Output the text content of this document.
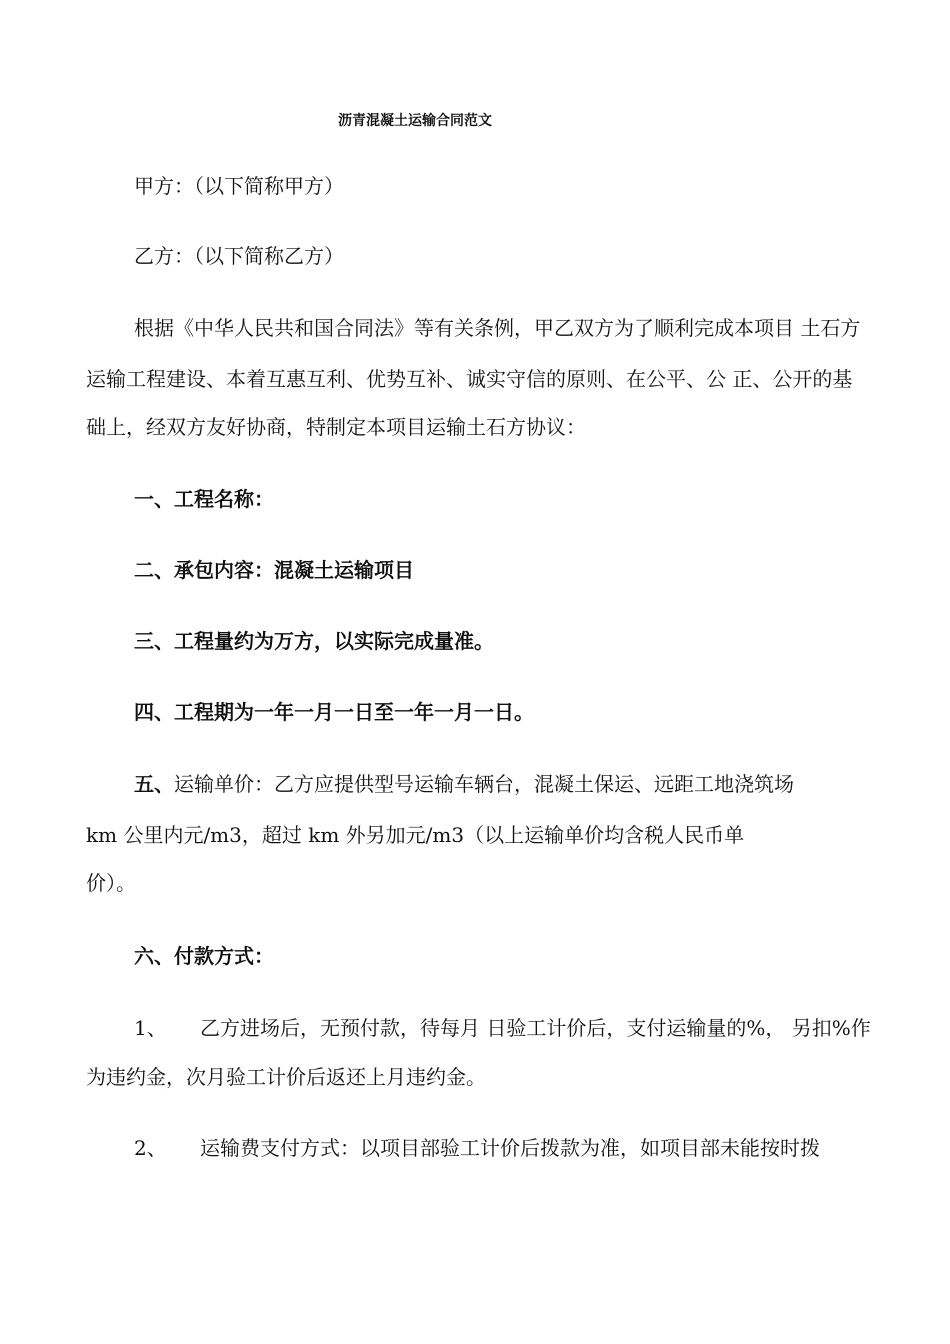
沥青混凝土运输合同范文
甲方：（以下简称甲方）
乙方：（以下简称乙方）
根据《中华人民共和国合同法》等有关条例，甲乙双方为了顺利完成本项目 土石方
运输工程建设、本着互惠互利、优势互补、诚实守信的原则、在公平、公 正、公开的基
础上，经双方友好协商，特制定本项目运输土石方协议：
一、工程名称：
二、承包内容：混凝土运输项目
三、工程量约为万方，以实际完成量准。
四、工程期为一年一月一日至一年一月一日。
五、运输单价：乙方应提供型号运输车辆台，混凝土保运、远距工地浇筑场
km 公里内元/m3，超过 km 外另加元/m3（以上运输单价均含税人民币单
价）。
六、付款方式：
1、 乙方进场后，无预付款，待每月 日验工计价后，支付运输量的%， 另扣%作
为违约金，次月验工计价后返还上月违约金。
2、 运输费支付方式：以项目部验工计价后拨款为准，如项目部未能按时拨
